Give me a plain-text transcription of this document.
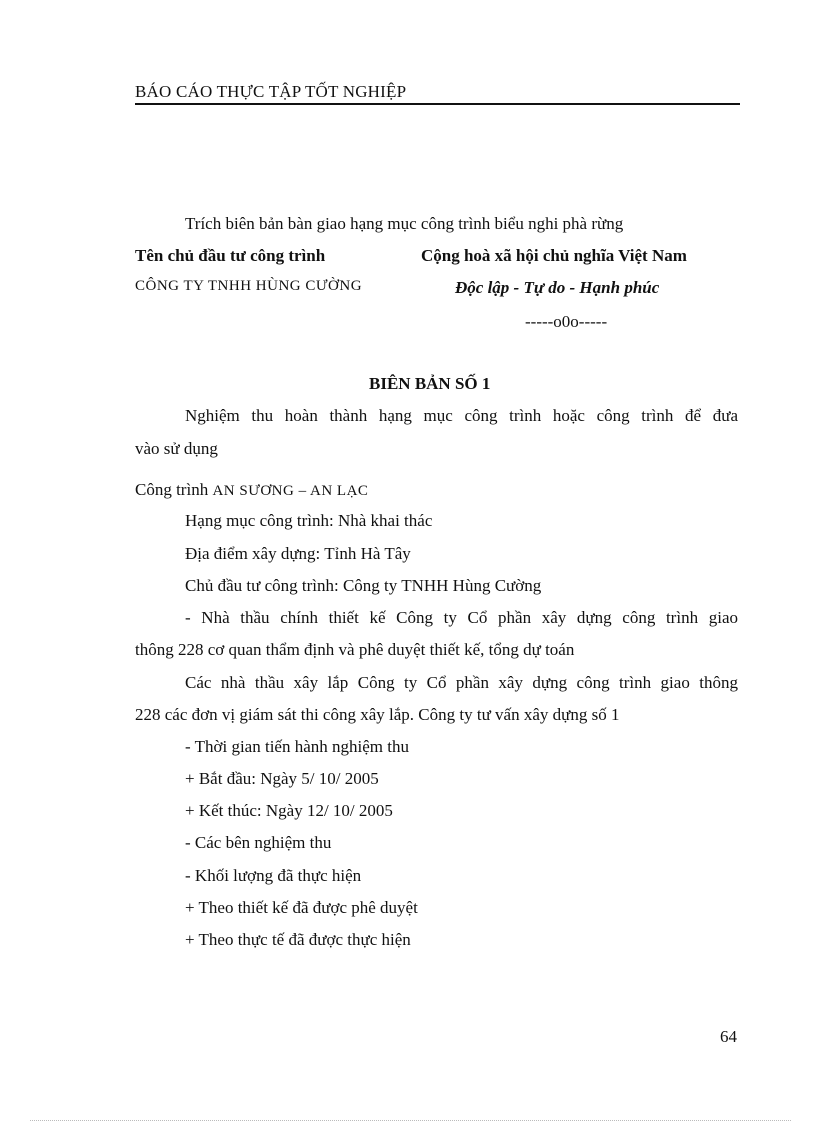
BÁO CÁO THỰC TẬP TỐT NGHIỆP
Trích biên bản bàn giao hạng mục công trình biểu nghi phà rừng
Tên chủ đầu tư công trình	Cộng hoà xã hội chủ nghĩa Việt Nam
CÔNG TY TNHH HÙNG CƯỜNG	Độc lập - Tự do - Hạnh phúc
-----o0o-----
BIÊN BẢN SỐ 1
Nghiệm thu hoàn thành hạng mục công trình hoặc công trình để đưa
vào sử dụng
Công trình AN SƯƠNG – AN LẠC
Hạng mục công trình: Nhà khai thác
Địa điểm xây dựng: Tỉnh Hà Tây
Chủ đầu tư công trình: Công ty TNHH Hùng Cường
- Nhà thầu chính thiết kế Công ty Cổ phần xây dựng công trình giao
thông 228 cơ quan thẩm định và phê duyệt thiết kế, tổng dự toán
Các nhà thầu xây lắp Công ty Cổ phần xây dựng công trình giao thông
228 các đơn vị giám sát thi công xây lắp. Công ty tư vấn xây dựng số 1
- Thời gian tiến hành nghiệm thu
+ Bắt đầu: Ngày 5/ 10/ 2005
+ Kết thúc: Ngày 12/ 10/ 2005
- Các bên nghiệm thu
- Khối lượng đã thực hiện
+ Theo thiết kế đã được phê duyệt
+ Theo thực tế đã được thực hiện
64
